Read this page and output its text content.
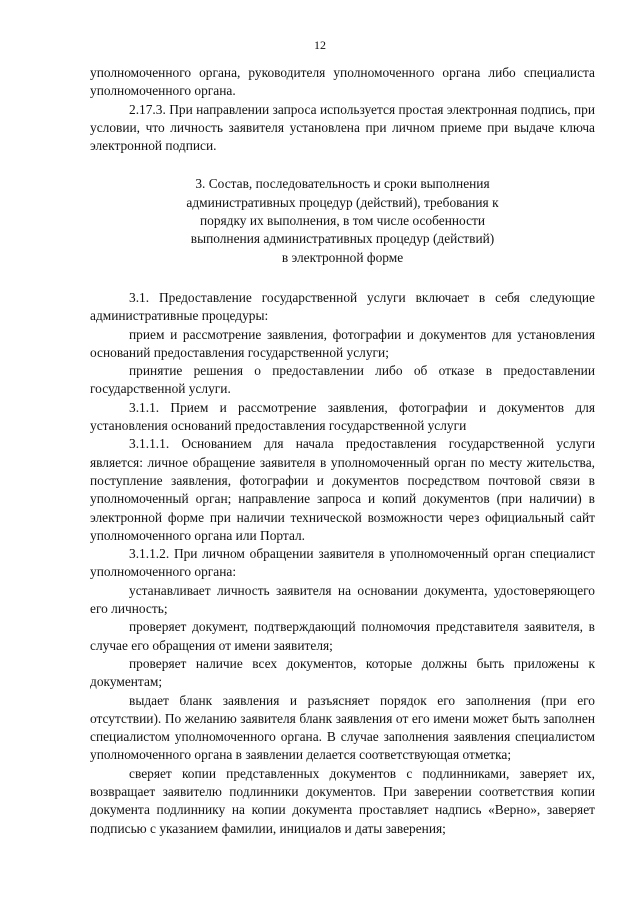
12

уполномоченного органа, руководителя уполномоченного органа либо специалиста уполномоченного органа.

2.17.3. При направлении запроса используется простая электронная подпись, при условии, что личность заявителя установлена при личном приеме при выдаче ключа электронной подписи.

3. Состав, последовательность и сроки выполнения
административных процедур (действий), требования к
порядку их выполнения, в том числе особенности
выполнения административных процедур (действий)
в электронной форме

3.1. Предоставление государственной услуги включает в себя следующие административные процедуры:

прием и рассмотрение заявления, фотографии и документов для установления оснований предоставления государственной услуги;

принятие решения о предоставлении либо об отказе в предоставлении государственной услуги.

3.1.1. Прием и рассмотрение заявления, фотографии и документов для установления оснований предоставления государственной услуги

3.1.1.1. Основанием для начала предоставления государственной услуги является: личное обращение заявителя в уполномоченный орган по месту жительства, поступление заявления, фотографии и документов посредством почтовой связи в уполномоченный орган; направление запроса и копий документов (при наличии) в электронной форме при наличии технической возможности через официальный сайт уполномоченного органа или Портал.

3.1.1.2. При личном обращении заявителя в уполномоченный орган специалист уполномоченного органа:

устанавливает личность заявителя на основании документа, удостоверяющего его личность;

проверяет документ, подтверждающий полномочия представителя заявителя, в случае его обращения от имени заявителя;

проверяет наличие всех документов, которые должны быть приложены к документам;

выдает бланк заявления и разъясняет порядок его заполнения (при его отсутствии). По желанию заявителя бланк заявления от его имени может быть заполнен специалистом уполномоченного органа. В случае заполнения заявления специалистом уполномоченного органа в заявлении делается соответствующая отметка;

сверяет копии представленных документов с подлинниками, заверяет их, возвращает заявителю подлинники документов. При заверении соответствия копии документа подлиннику на копии документа проставляет надпись «Верно», заверяет подписью с указанием фамилии, инициалов и даты заверения;
